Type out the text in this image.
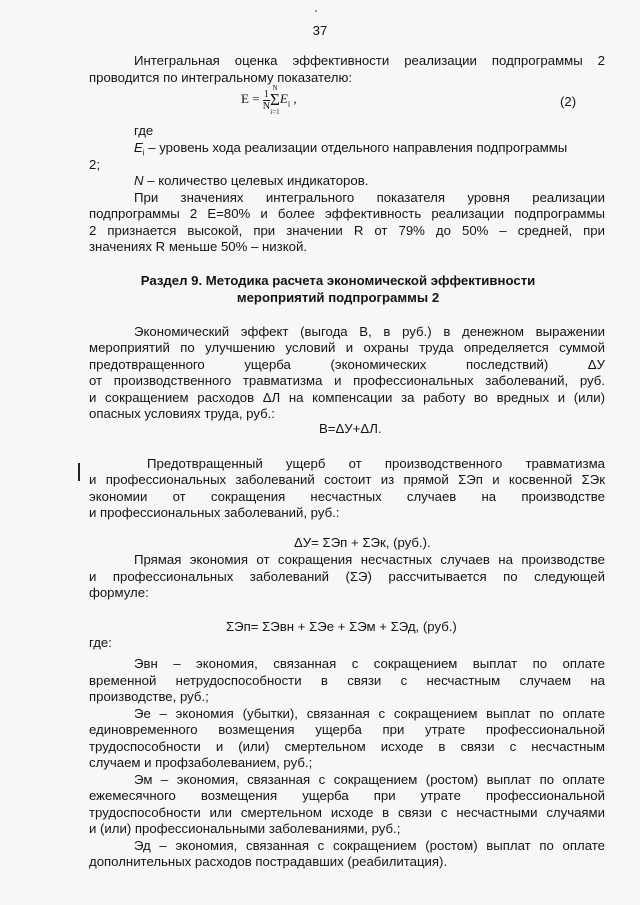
'
37
Интегральная оценка эффективности реализации подпрограммы 2
проводится по интегральному показателю:
$E = \frac{1}{N}$
N
Σ
i=1
$E_i$ ,	(2)
где
$E_i$ – уровень хода реализации отдельного направления подпрограммы
2;
N – количество целевых индикаторов.
При значениях интегрального показателя уровня реализации
подпрограммы 2 E=80% и более эффективность реализации подпрограммы
2 признается высокой, при значении R от 79% до 50% – средней, при
значениях R меньше 50% – низкой.
Раздел 9. Методика расчета экономической эффективности
мероприятий подпрограммы 2
Экономический эффект (выгода В, в руб.) в денежном выражении
мероприятий по улучшению условий и охраны труда определяется суммой
предотвращенного ущерба (экономических последствий) ΔУ
от производственного травматизма и профессиональных заболеваний, руб.
и сокращением расходов ΔЛ на компенсации за работу во вредных и (или)
опасных условиях труда, руб.:
В=ΔУ+ΔЛ.
Предотвращенный ущерб от производственного травматизма
и профессиональных заболеваний состоит из прямой ΣЭп и косвенной ΣЭк
экономии от сокращения несчастных случаев на производстве
и профессиональных заболеваний, руб.:
ΔУ= ΣЭп + ΣЭк, (руб.).
Прямая экономия от сокращения несчастных случаев на производстве
и профессиональных заболеваний (ΣЭ) рассчитывается по следующей
формуле:
ΣЭп= ΣЭвн + ΣЭе + ΣЭм + ΣЭд, (руб.)
где:
Эвн – экономия, связанная с сокращением выплат по оплате
временной нетрудоспособности в связи с несчастным случаем на
производстве, руб.;
Эе – экономия (убытки), связанная с сокращением выплат по оплате
единовременного возмещения ущерба при утрате профессиональной
трудоспособности и (или) смертельном исходе в связи с несчастным
случаем и профзаболеванием, руб.;
Эм – экономия, связанная с сокращением (ростом) выплат по оплате
ежемесячного возмещения ущерба при утрате профессиональной
трудоспособности или смертельном исходе в связи с несчастными случаями
и (или) профессиональными заболеваниями, руб.;
Эд – экономия, связанная с сокращением (ростом) выплат по оплате
дополнительных расходов пострадавших (реабилитация).
